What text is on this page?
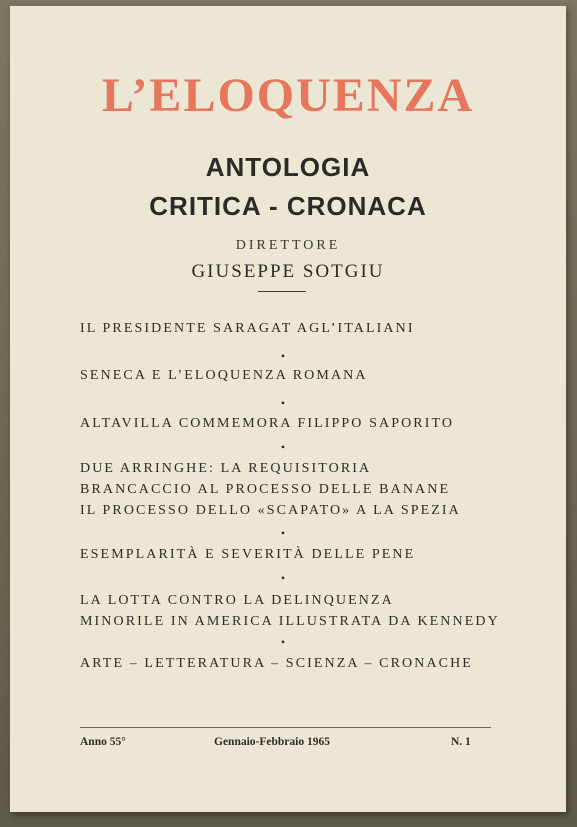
L’ELOQUENZA
ANTOLOGIA
CRITICA - CRONACA
DIRETTORE
GIUSEPPE SOTGIU
IL PRESIDENTE SARAGAT AGL’ITALIANI
•
SENECA E L’ELOQUENZA ROMANA
•
ALTAVILLA COMMEMORA FILIPPO SAPORITO
•
DUE ARRINGHE: LA REQUISITORIA
BRANCACCIO AL PROCESSO DELLE BANANE
IL PROCESSO DELLO «SCAPATO» A LA SPEZIA
•
ESEMPLARITÀ E SEVERITÀ DELLE PENE
•
LA LOTTA CONTRO LA DELINQUENZA
MINORILE IN AMERICA ILLUSTRATA DA KENNEDY
•
ARTE – LETTERATURA – SCIENZA – CRONACHE
Anno 55°	Gennaio-Febbraio 1965	N. 1
